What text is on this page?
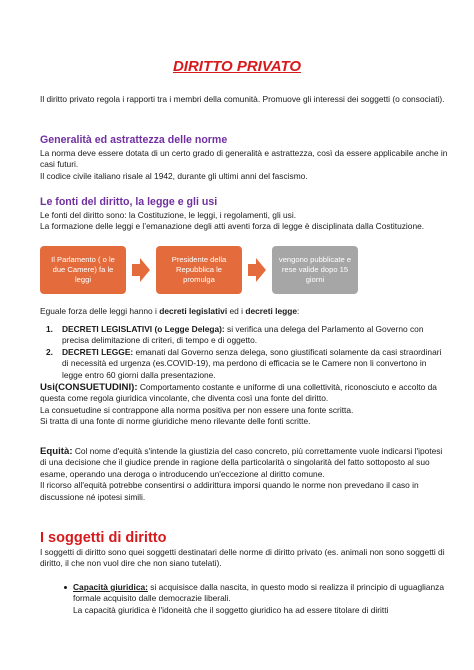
DIRITTO PRIVATO
Il diritto privato regola i rapporti tra i membri della comunità. Promuove gli interessi dei soggetti (o consociati).
Generalità ed astrattezza delle norme
La norma deve essere dotata di un certo grado di generalità e astrattezza, così da essere applicabile anche in casi futuri.
Il codice civile italiano risale al 1942, durante gli ultimi anni del fascismo.
Le fonti del diritto, la legge e gli usi
Le fonti del diritto sono: la Costituzione, le leggi, i regolamenti, gli usi.
La formazione delle leggi e l’emanazione degli atti aventi forza di legge è disciplinata dalla Costituzione.
Il Parlamento ( o le due Camere) fa le leggi
Presidente della Repubblica le promulga
vengono pubblicate e rese valide dopo 15 giorni
Eguale forza delle leggi hanno i decreti legislativi ed i decreti legge:
1. DECRETI LEGISLATIVI (o Legge Delega): si verifica una delega del Parlamento al Governo con precisa delimitazione di criteri, di tempo e di oggetto.
2. DECRETI LEGGE: emanati dal Governo senza delega, sono giustificati solamente da casi straordinari di necessità ed urgenza (es.COVID-19), ma perdono di efficacia se le Camere non li convertono in legge entro 60 giorni dalla presentazione.
Usi(CONSUETUDINI): Comportamento costante e uniforme di una collettività, riconosciuto e accolto da questa come regola giuridica vincolante, che diventa così una fonte del diritto.
La consuetudine si contrappone alla norma positiva per non essere una fonte scritta.
Si tratta di una fonte di norme giuridiche meno rilevante delle fonti scritte.
Equità: Col nome d'equità s'intende la giustizia del caso concreto, più correttamente vuole indicarsi l'ipotesi di una decisione che il giudice prende in ragione della particolarità o singolarità del fatto sottoposto al suo esame, operando una deroga o introducendo un'eccezione al diritto comune.
Il ricorso all'equità potrebbe consentirsi o addirittura imporsi quando le norme non prevedano il caso in discussione né ipotesi simili.
I soggetti di diritto
I soggetti di diritto sono quei soggetti destinatari delle norme di diritto privato (es. animali non sono soggetti di diritto, il che non vuol dire che non siano tutelati).
Capacità giuridica: si acquisisce dalla nascita, in questo modo si realizza il principio di uguaglianza formale acquisito dalle democrazie liberali.
La capacità giuridica è l'idoneità che il soggetto giuridico ha ad essere titolare di diritti
